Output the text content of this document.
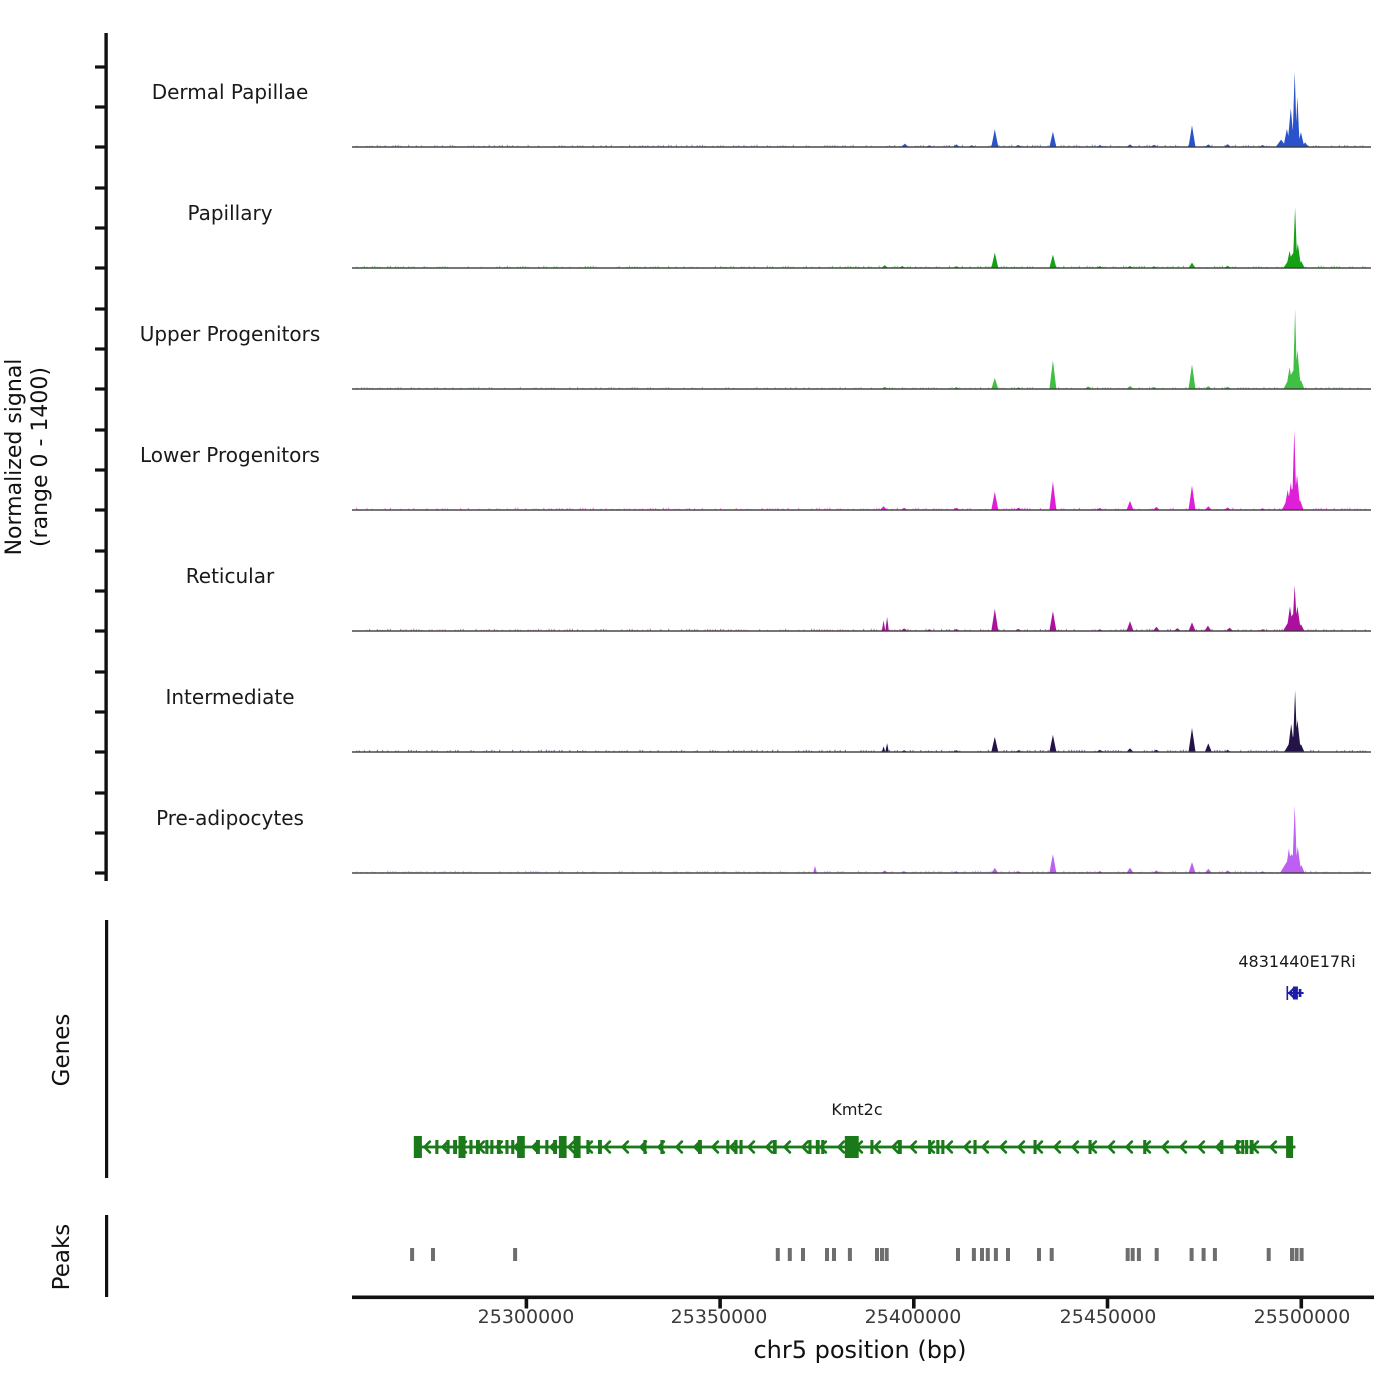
Normalized signal (range 0 - 1400)
Genes
Peaks
Dermal Papillae
Papillary
Upper Progenitors
Lower Progenitors
Reticular
Intermediate
Pre-adipocytes
4831440E17Ri
Kmt2c
25300000	25350000	25400000	25450000	25500000
chr5 position (bp)
